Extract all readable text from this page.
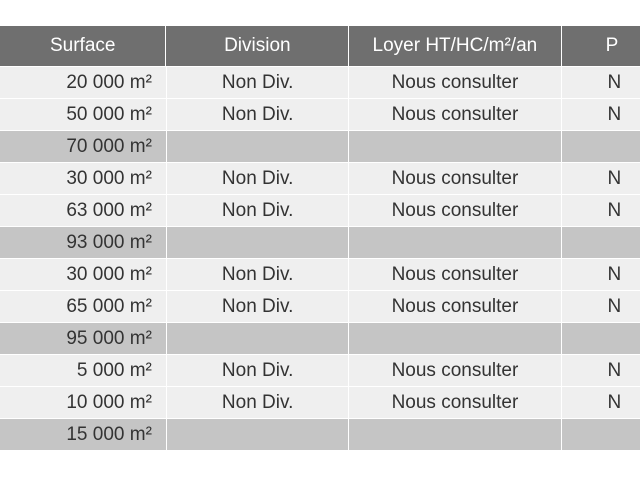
Surface	Division	Loyer HT/HC/m²/an	P
20 000 m²	Non Div.	Nous consulter	N
50 000 m²	Non Div.	Nous consulter	N
70 000 m²
30 000 m²	Non Div.	Nous consulter	N
63 000 m²	Non Div.	Nous consulter	N
93 000 m²
30 000 m²	Non Div.	Nous consulter	N
65 000 m²	Non Div.	Nous consulter	N
95 000 m²
5 000 m²	Non Div.	Nous consulter	N
10 000 m²	Non Div.	Nous consulter	N
15 000 m²
